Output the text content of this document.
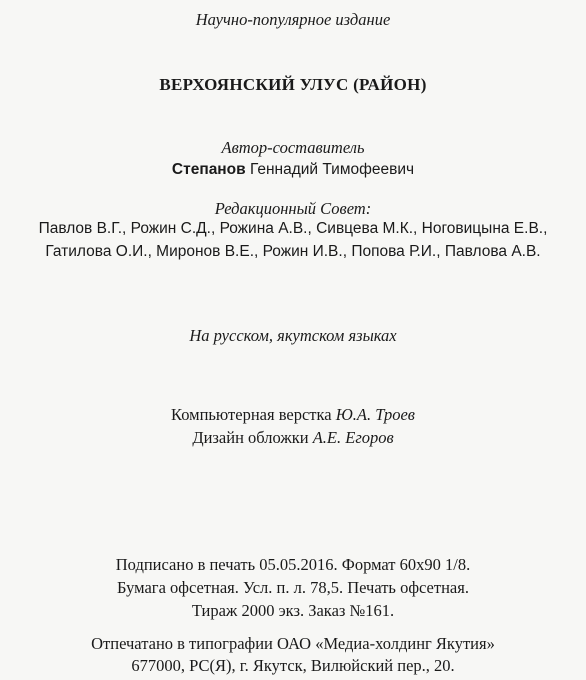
Научно-популярное издание
ВЕРХОЯНСКИЙ УЛУС (РАЙОН)
Автор-составитель
Степанов Геннадий Тимофеевич
Редакционный Совет:
Павлов В.Г., Рожин С.Д., Рожина А.В., Сивцева М.К., Ноговицына Е.В.,
Гатилова О.И., Миронов В.Е., Рожин И.В., Попова Р.И., Павлова А.В.
На русском, якутском языках
Компьютерная верстка Ю.А. Троев
Дизайн обложки А.Е. Егоров
Подписано в печать 05.05.2016. Формат 60x90 1/8.
Бумага офсетная. Усл. п. л. 78,5. Печать офсетная.
Тираж 2000 экз. Заказ №161.
Отпечатано в типографии ОАО «Медиа-холдинг Якутия»
677000, РС(Я), г. Якутск, Вилюйский пер., 20.
